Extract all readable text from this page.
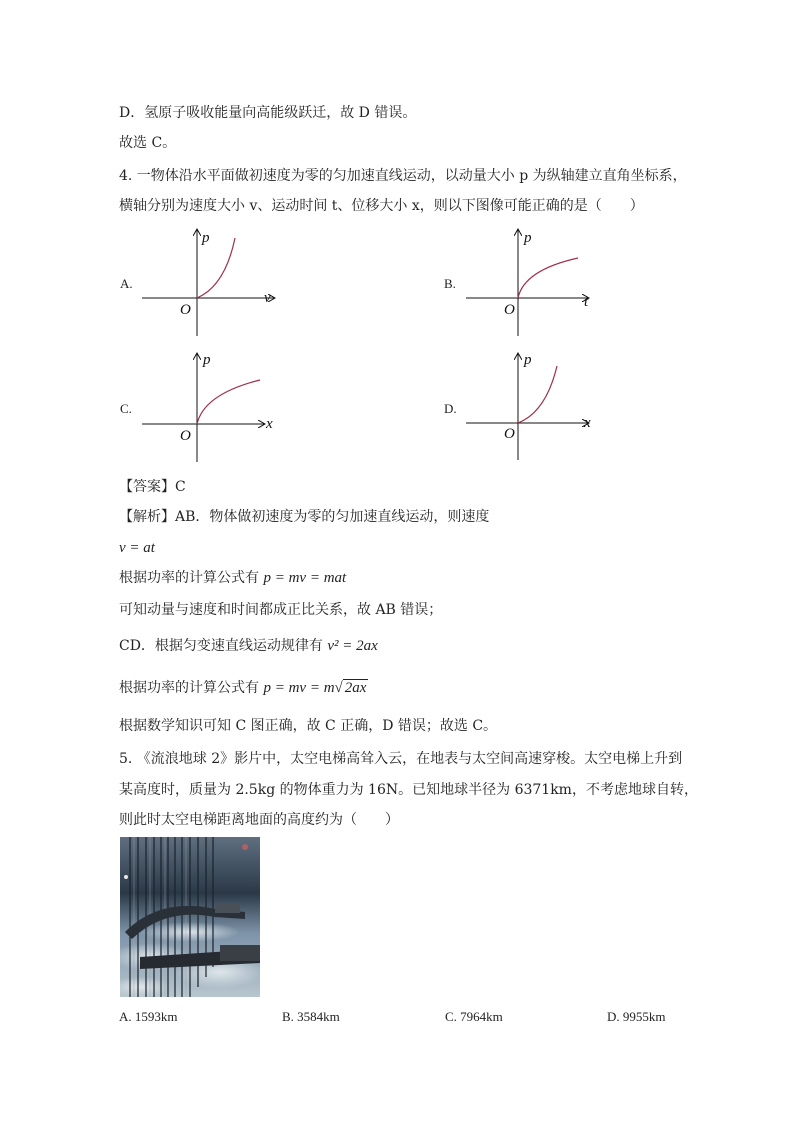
D．氢原子吸收能量向高能级跃迁，故 D 错误。
故选 C。
4. 一物体沿水平面做初速度为零的匀加速直线运动，以动量大小 p 为纵轴建立直角坐标系，
横轴分别为速度大小 v、运动时间 t、位移大小 x，则以下图像可能正确的是（　　）
A.
p
v
O
B.
p
t
O
C.
p
x
O
D.
p
x
O
【答案】C
【解析】AB．物体做初速度为零的匀加速直线运动，则速度
v = at
根据功率的计算公式有 p = mv = mat
可知动量与速度和时间都成正比关系，故 AB 错误；
CD．根据匀变速直线运动规律有 v² = 2ax
根据功率的计算公式有 p = mv = m√ 2ax
根据数学知识可知 C 图正确，故 C 正确，D 错误；故选 C。
5. 《流浪地球 2》影片中，太空电梯高耸入云，在地表与太空间高速穿梭。太空电梯上升到
某高度时，质量为 2.5kg 的物体重力为 16N。已知地球半径为 6371km，不考虑地球自转，
则此时太空电梯距离地面的高度约为（　　）
A. 1593km	B. 3584km	C. 7964km	D. 9955km
